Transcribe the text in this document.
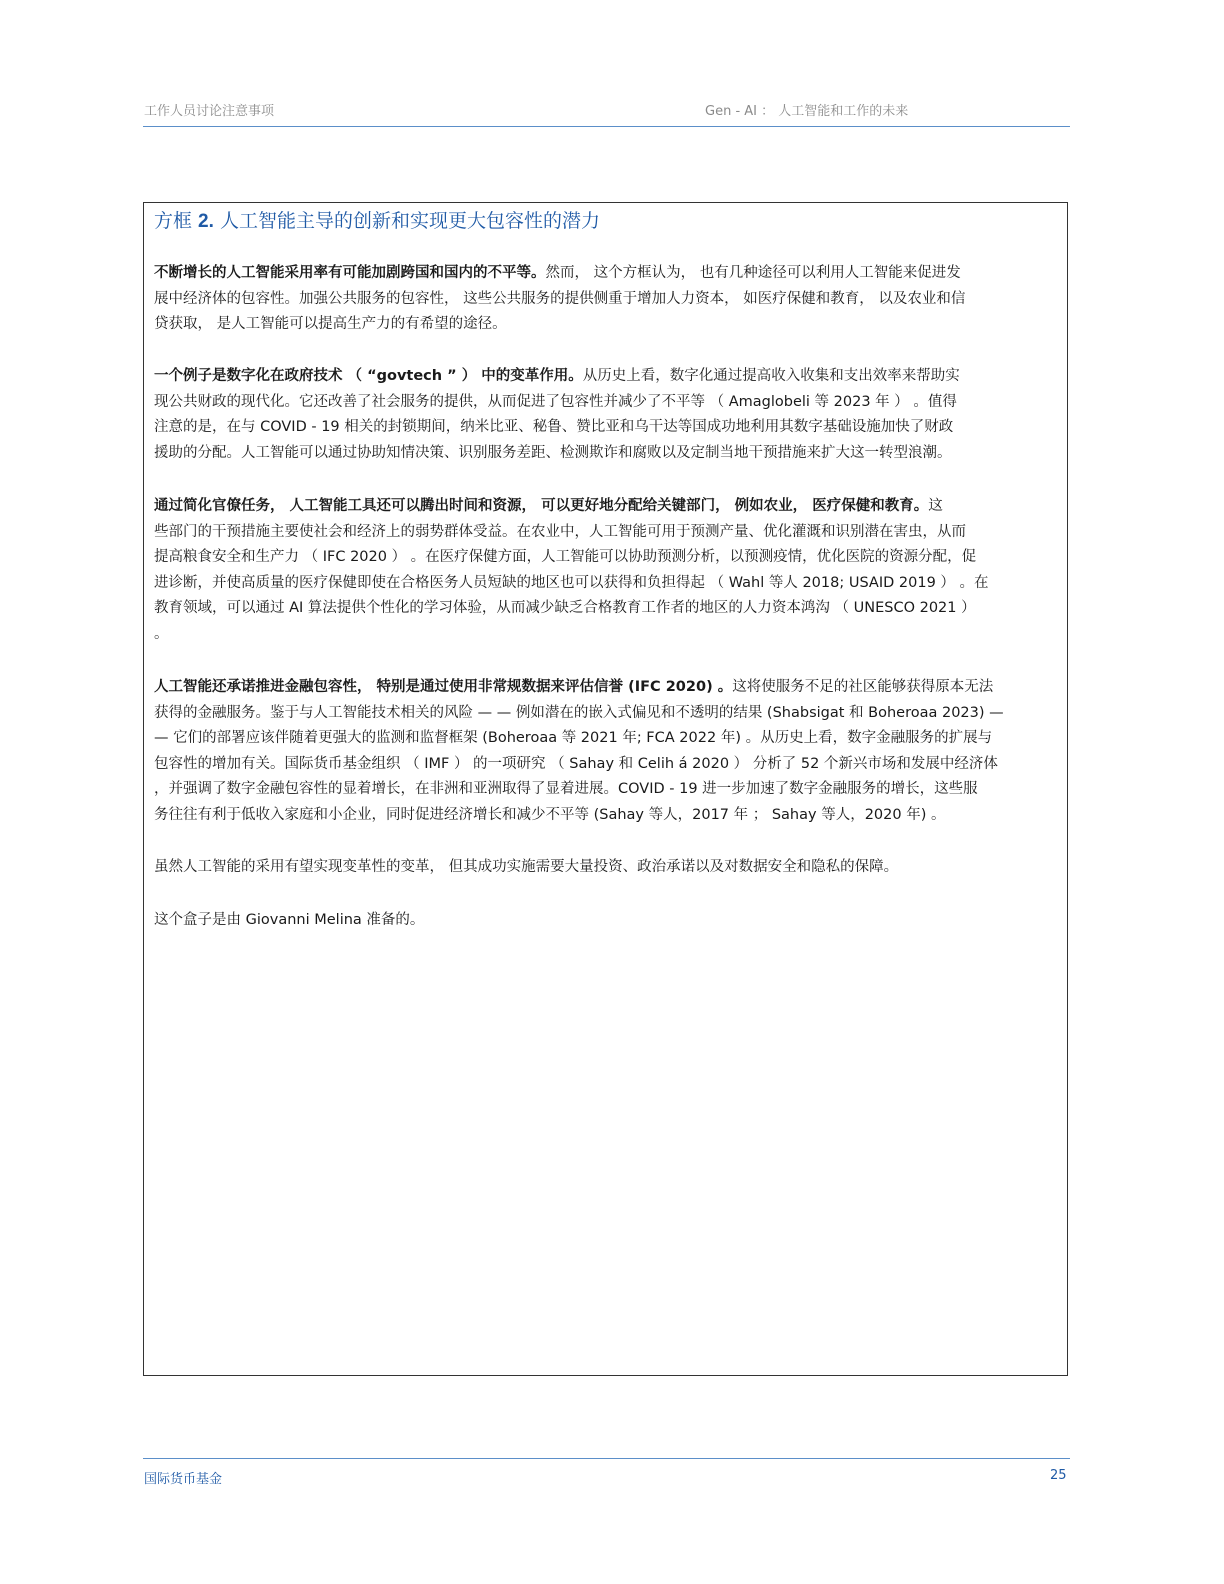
工作人员讨论注意事项	Gen - AI ： 人工智能和工作的未来
方框 2. 人工智能主导的创新和实现更大包容性的潜力
不断增长的人工智能采用率有可能加剧跨国和国内的不平等。然而， 这个方框认为， 也有几种途径可以利用人工智能来促进发
展中经济体的包容性。加强公共服务的包容性， 这些公共服务的提供侧重于增加人力资本， 如医疗保健和教育， 以及农业和信
贷获取， 是人工智能可以提高生产力的有希望的途径。
一个例子是数字化在政府技术 （ “govtech ” ） 中的变革作用。从历史上看，数字化通过提高收入收集和支出效率来帮助实
现公共财政的现代化。它还改善了社会服务的提供，从而促进了包容性并减少了不平等 （ Amaglobeli 等 2023 年 ） 。值得
注意的是，在与 COVID - 19 相关的封锁期间，纳米比亚、秘鲁、赞比亚和乌干达等国成功地利用其数字基础设施加快了财政
援助的分配。人工智能可以通过协助知情决策、识别服务差距、检测欺诈和腐败以及定制当地干预措施来扩大这一转型浪潮。
通过简化官僚任务， 人工智能工具还可以腾出时间和资源， 可以更好地分配给关键部门， 例如农业， 医疗保健和教育。这
些部门的干预措施主要使社会和经济上的弱势群体受益。在农业中，人工智能可用于预测产量、优化灌溉和识别潜在害虫，从而
提高粮食安全和生产力 （ IFC 2020 ） 。在医疗保健方面，人工智能可以协助预测分析，以预测疫情，优化医院的资源分配，促
进诊断，并使高质量的医疗保健即使在合格医务人员短缺的地区也可以获得和负担得起 （ Wahl 等人 2018; USAID 2019 ） 。在
教育领域，可以通过 AI 算法提供个性化的学习体验，从而减少缺乏合格教育工作者的地区的人力资本鸿沟 （ UNESCO 2021 ）
。
人工智能还承诺推进金融包容性， 特别是通过使用非常规数据来评估信誉 (IFC 2020) 。这将使服务不足的社区能够获得原本无法
获得的金融服务。鉴于与人工智能技术相关的风险 — — 例如潜在的嵌入式偏见和不透明的结果 (Shabsigat 和 Boheroaa 2023) —
— 它们的部署应该伴随着更强大的监测和监督框架 (Boheroaa 等 2021 年; FCA 2022 年) 。从历史上看，数字金融服务的扩展与
包容性的增加有关。国际货币基金组织 （ IMF ） 的一项研究 （ Sahay 和 Celih á 2020 ） 分析了 52 个新兴市场和发展中经济体
，并强调了数字金融包容性的显着增长，在非洲和亚洲取得了显着进展。COVID - 19 进一步加速了数字金融服务的增长，这些服
务往往有利于低收入家庭和小企业，同时促进经济增长和减少不平等 (Sahay 等人，2017 年 ； Sahay 等人，2020 年) 。
虽然人工智能的采用有望实现变革性的变革， 但其成功实施需要大量投资、政治承诺以及对数据安全和隐私的保障。
这个盒子是由 Giovanni Melina 准备的。
国际货币基金	25
